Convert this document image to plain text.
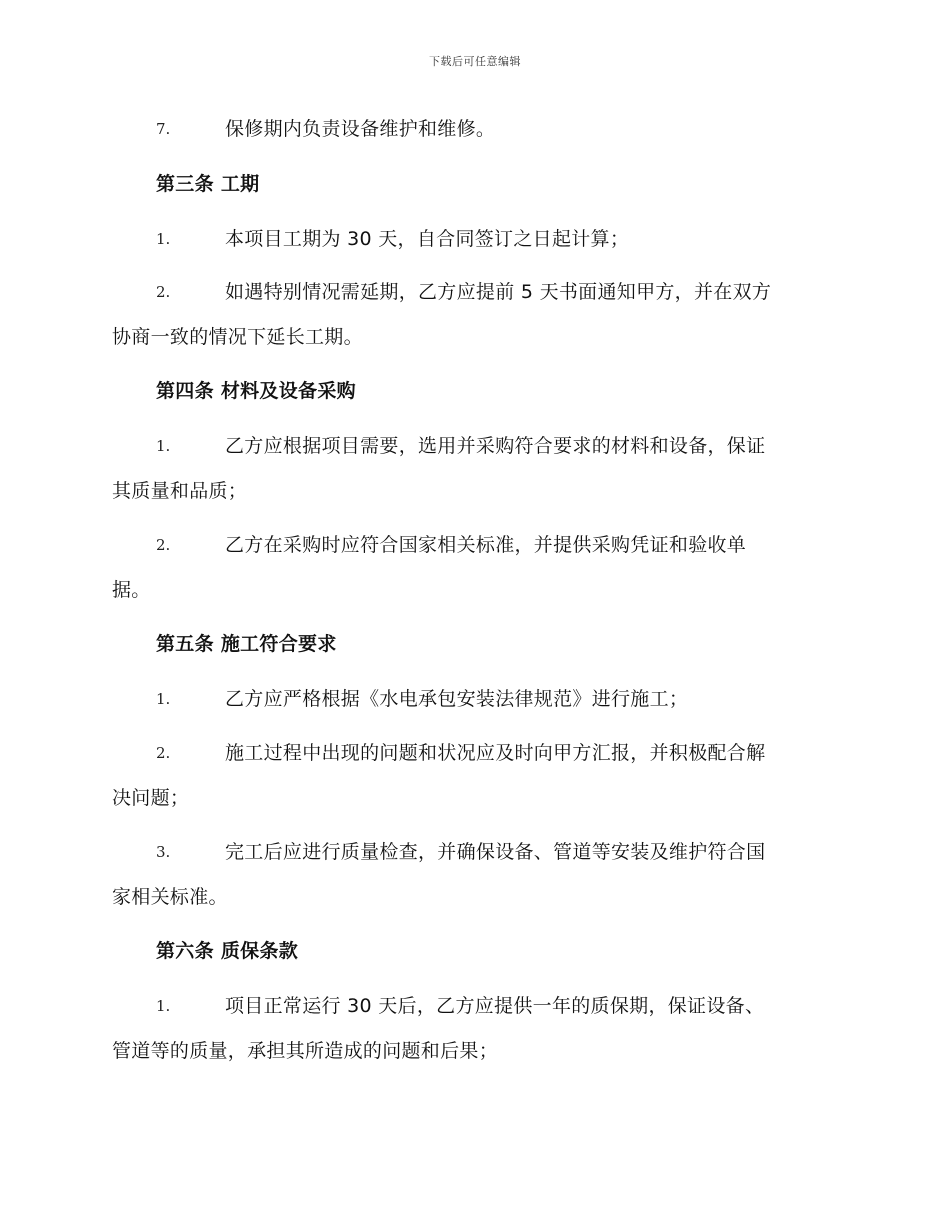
下载后可任意编辑
7.	保修期内负责设备维护和维修。
第三条 工期
1.	本项目工期为 30 天，自合同签订之日起计算；
2.	如遇特别情况需延期，乙方应提前 5 天书面通知甲方，并在双方
协商一致的情况下延长工期。
第四条 材料及设备采购
1.	乙方应根据项目需要，选用并采购符合要求的材料和设备，保证
其质量和品质；
2.	乙方在采购时应符合国家相关标准，并提供采购凭证和验收单
据。
第五条 施工符合要求
1.	乙方应严格根据《水电承包安装法律规范》进行施工；
2.	施工过程中出现的问题和状况应及时向甲方汇报，并积极配合解
决问题；
3.	完工后应进行质量检查，并确保设备、管道等安装及维护符合国
家相关标准。
第六条 质保条款
1.	项目正常运行 30 天后，乙方应提供一年的质保期，保证设备、
管道等的质量，承担其所造成的问题和后果；
